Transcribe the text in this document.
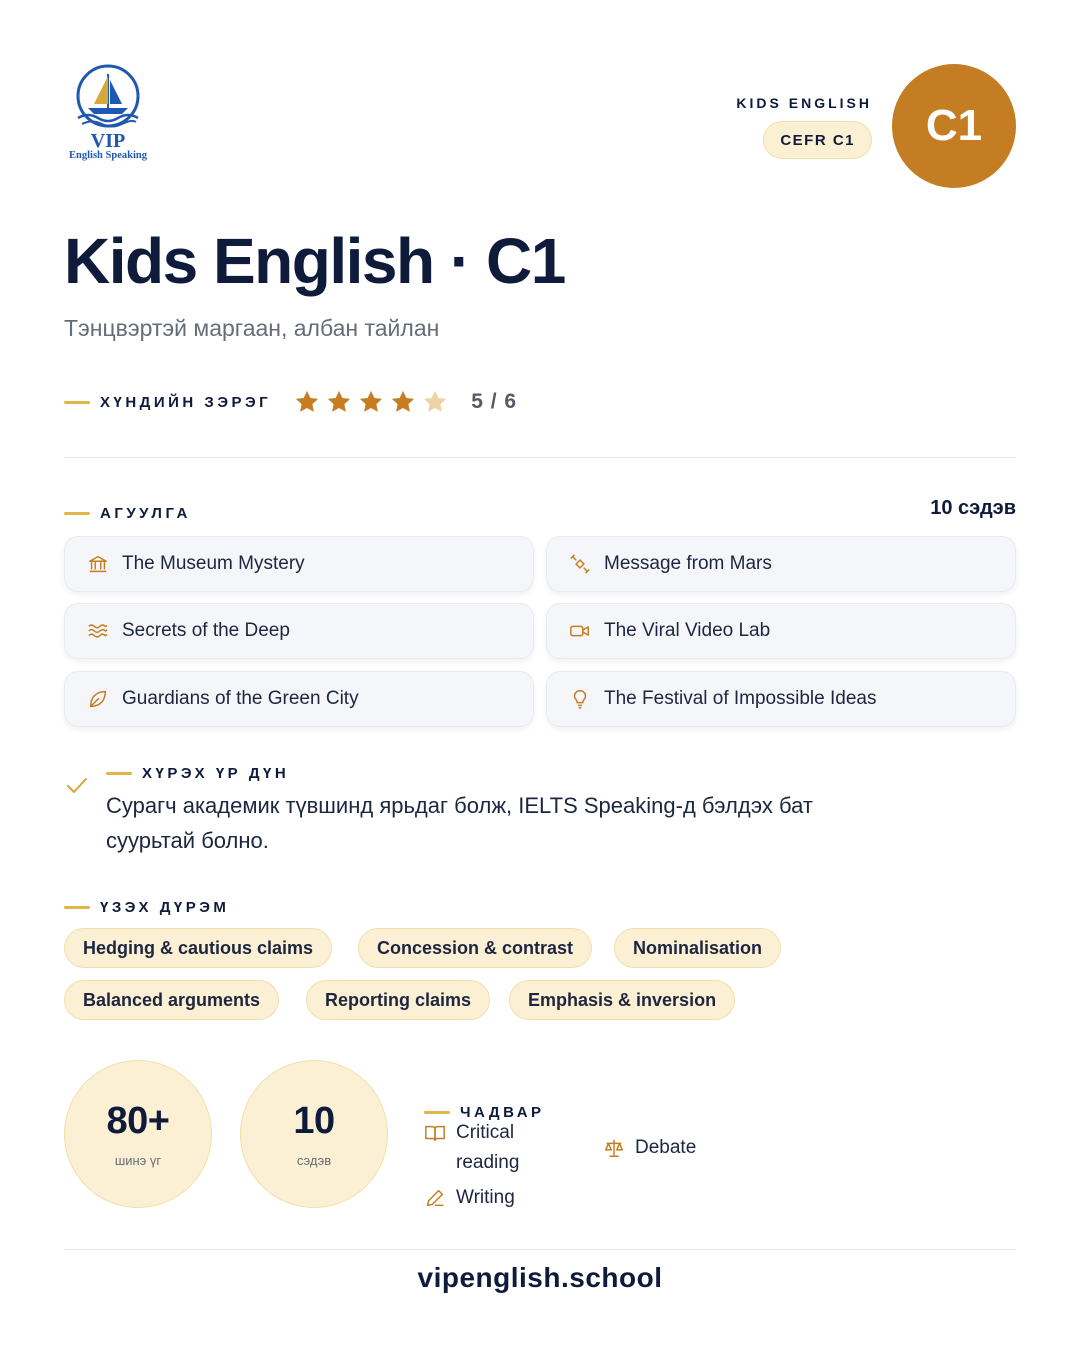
VIP
English Speaking
KIDS ENGLISH
CEFR C1	C1
Kids English · C1
Тэнцвэртэй маргаан, албан тайлан
ХҮНДИЙН ЗЭРЭГ	5 / 6
АГУУЛГА	10 сэдэв
The Museum Mystery	Message from Mars
Secrets of the Deep	The Viral Video Lab
Guardians of the Green City	The Festival of Impossible Ideas
ХҮРЭХ ҮР ДҮН
Сурагч академик түвшинд ярьдаг болж, IELTS Speaking-д бэлдэх бат суурьтай болно.
ҮЗЭХ ДҮРЭМ
Hedging & cautious claims	Concession & contrast	Nominalisation
Balanced arguments	Reporting claims	Emphasis & inversion
80+
шинэ үг
10
сэдэв
ЧАДВАР
Critical reading
Debate
Writing
vipenglish.school
